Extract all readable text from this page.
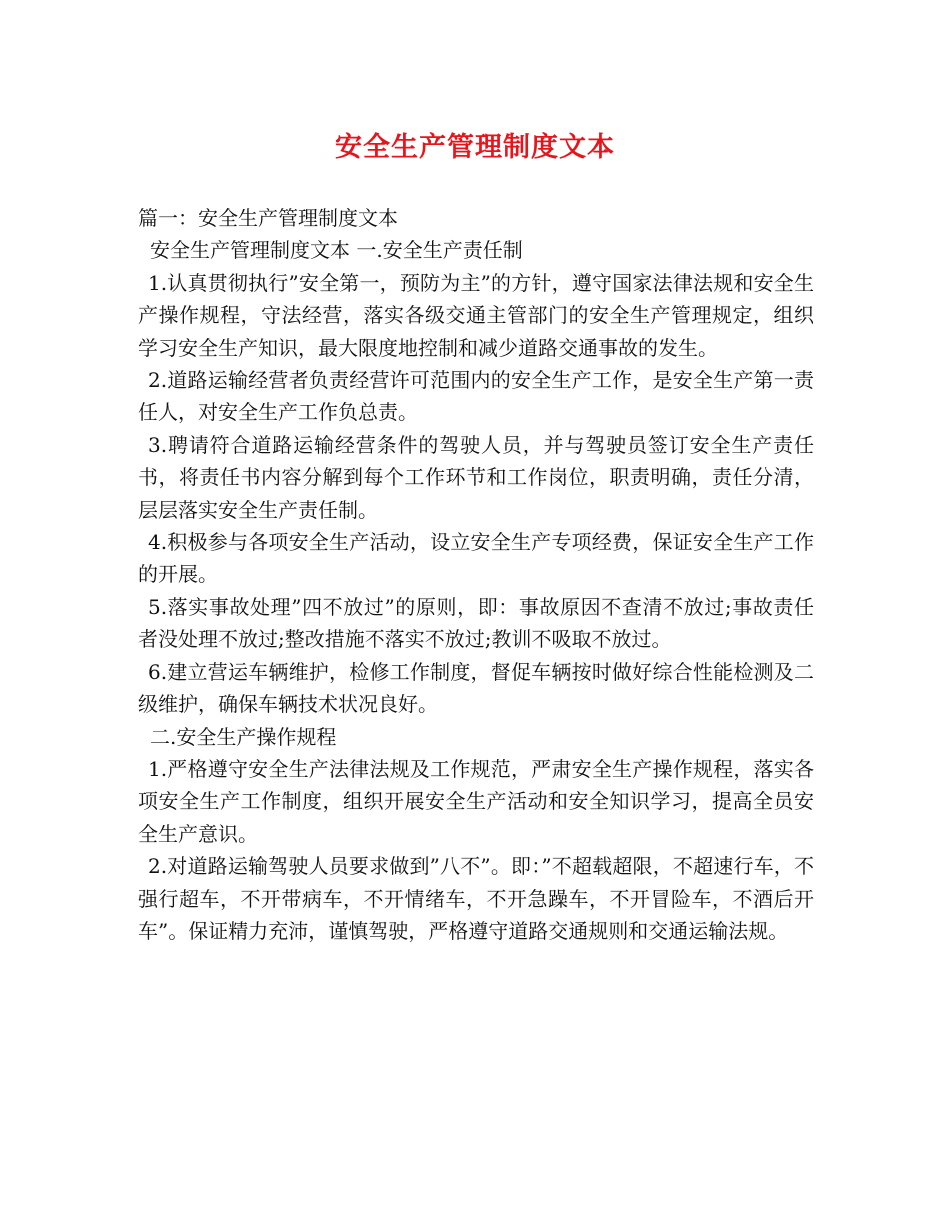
安全生产管理制度文本

篇一：安全生产管理制度文本

安全生产管理制度文本 一.安全生产责任制

1.认真贯彻执行”安全第一，预防为主”的方针，遵守国家法律法规和安全生产操作规程，守法经营，落实各级交通主管部门的安全生产管理规定，组织学习安全生产知识，最大限度地控制和减少道路交通事故的发生。

2.道路运输经营者负责经营许可范围内的安全生产工作，是安全生产第一责任人，对安全生产工作负总责。

3.聘请符合道路运输经营条件的驾驶人员，并与驾驶员签订安全生产责任书，将责任书内容分解到每个工作环节和工作岗位，职责明确，责任分清，层层落实安全生产责任制。

4.积极参与各项安全生产活动，设立安全生产专项经费，保证安全生产工作的开展。

5.落实事故处理”四不放过”的原则，即：事故原因不查清不放过;事故责任者没处理不放过;整改措施不落实不放过;教训不吸取不放过。

6.建立营运车辆维护，检修工作制度，督促车辆按时做好综合性能检测及二级维护，确保车辆技术状况良好。

二.安全生产操作规程

1.严格遵守安全生产法律法规及工作规范，严肃安全生产操作规程，落实各项安全生产工作制度，组织开展安全生产活动和安全知识学习，提高全员安全生产意识。

2.对道路运输驾驶人员要求做到”八不”。即：”不超载超限，不超速行车，不强行超车，不开带病车，不开情绪车，不开急躁车，不开冒险车，不酒后开车”。保证精力充沛，谨慎驾驶，严格遵守道路交通规则和交通运输法规。
